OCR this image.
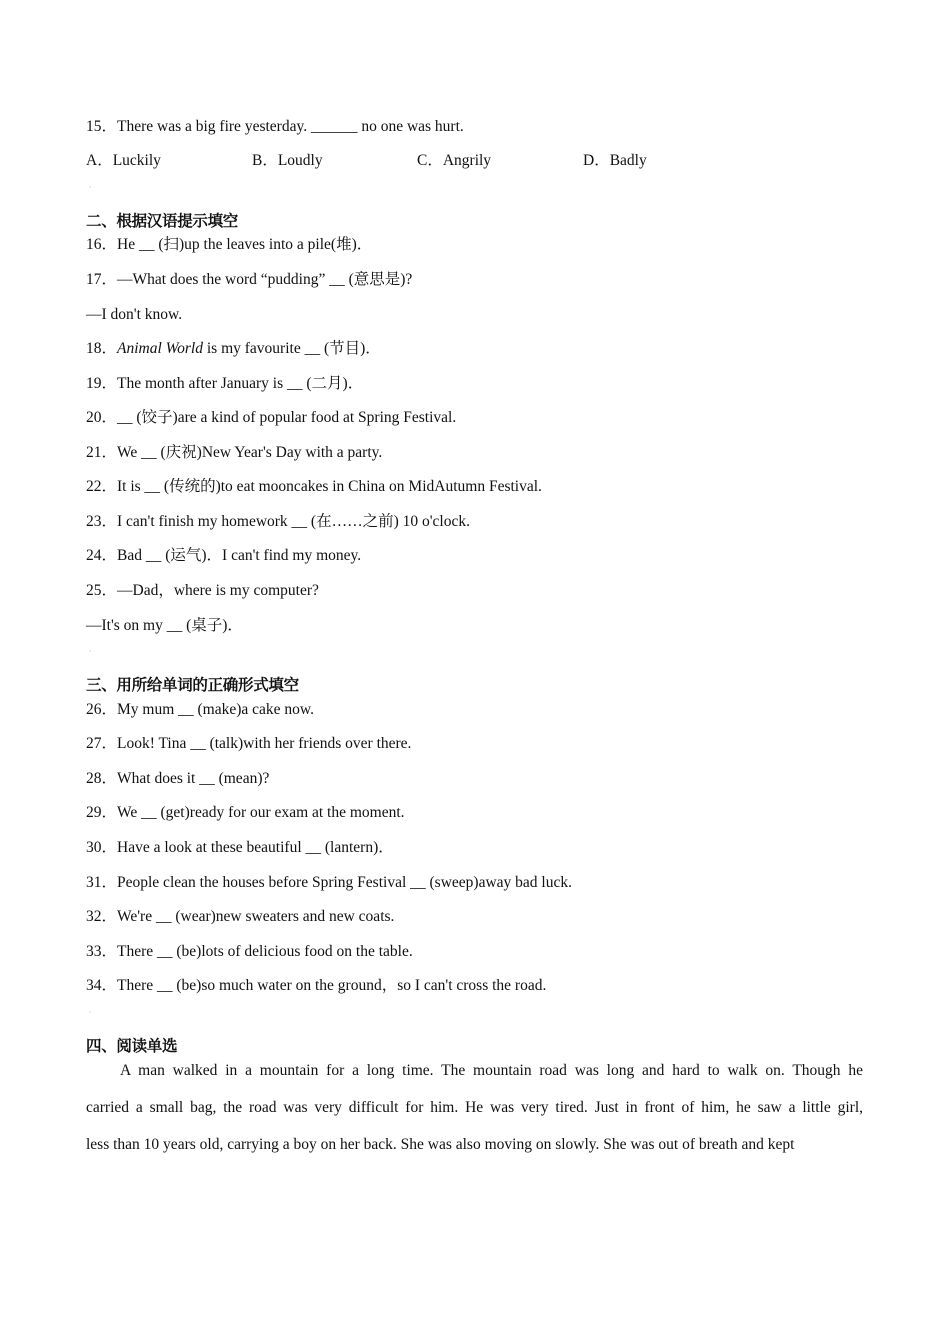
15．There was a big fire yesterday. ______ no one was hurt.
A．Luckily	B．Loudly	C．Angrily	D．Badly
,
二、根据汉语提示填空
16．He __ (扫)up the leaves into a pile(堆)．
17．—What does the word “pudding” __ (意思是)?
—I don't know.
18．Animal World is my favourite __ (节目)．
19．The month after January is __ (二月)．
20．__ (饺子)are a kind of popular food at Spring Festival.
21．We __ (庆祝)New Year's Day with a party.
22．It is __ (传统的)to eat mooncakes in China on MidAutumn Festival.
23．I can't finish my homework __ (在……之前) 10 o'clock.
24．Bad __ (运气)．I can't find my money.
25．—Dad，where is my computer?
—It's on my __ (桌子)．
,
三、用所给单词的正确形式填空
26．My mum __ (make)a cake now.
27．Look! Tina __ (talk)with her friends over there.
28．What does it __ (mean)?
29．We __ (get)ready for our exam at the moment.
30．Have a look at these beautiful __ (lantern)．
31．People clean the houses before Spring Festival __ (sweep)away bad luck.
32．We're __ (wear)new sweaters and new coats.
33．There __ (be)lots of delicious food on the table.
34．There __ (be)so much water on the ground，so I can't cross the road.
,
四、阅读单选
A man walked in a mountain for a long time. The mountain road was long and hard to walk on. Though he
carried a small bag, the road was very difficult for him. He was very tired. Just in front of him, he saw a little girl,
less than 10 years old, carrying a boy on her back. She was also moving on slowly. She was out of breath and kept
